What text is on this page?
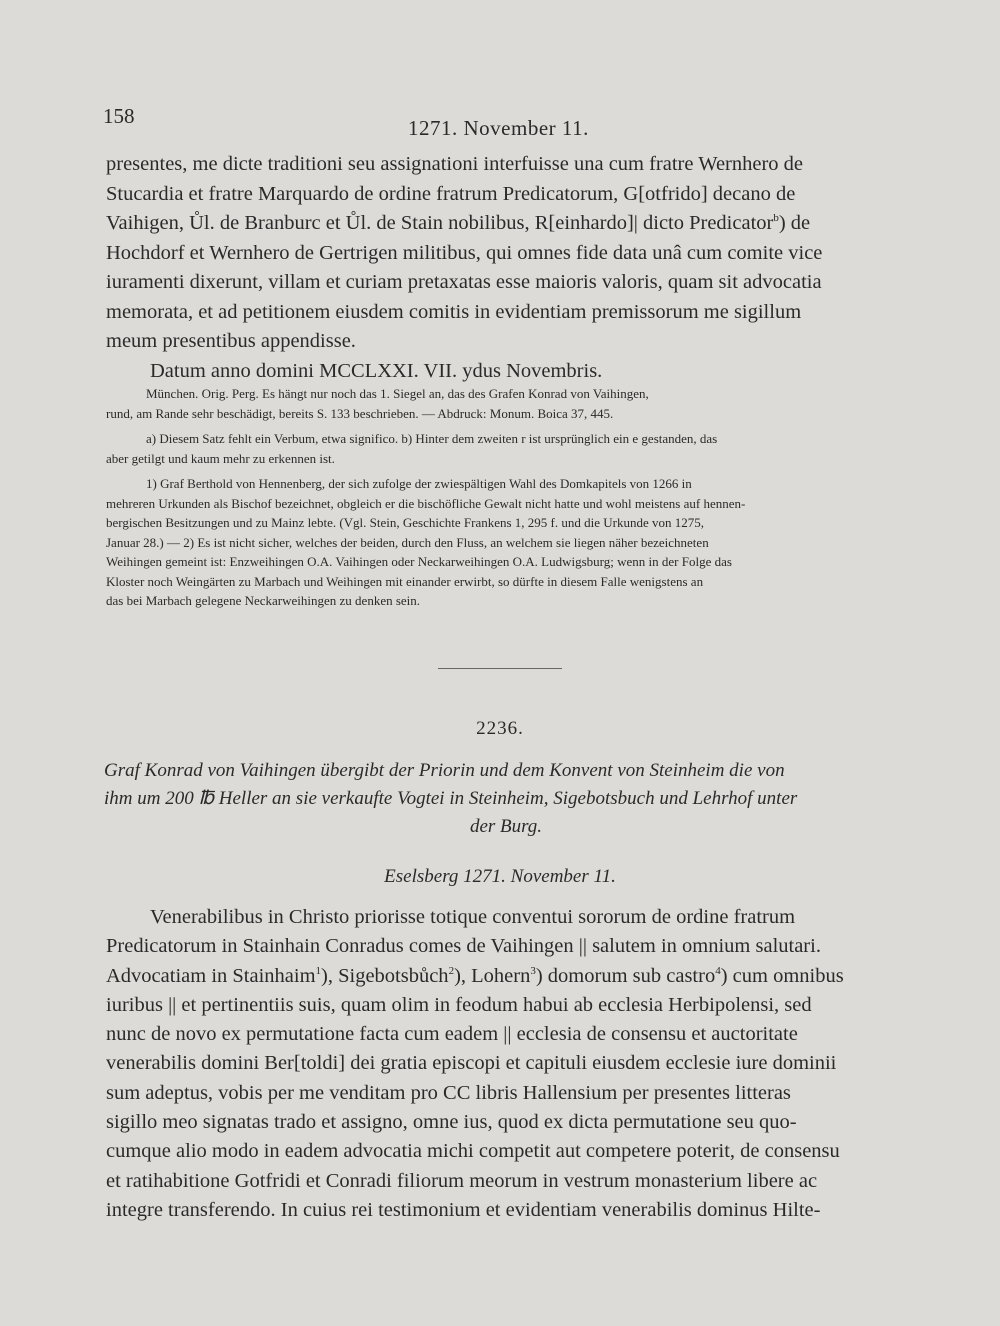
158	1271. November 11.
presentes, me dicte traditioni seu assignationi interfuisse una cum fratre Wernhero de
Stucardia et fratre Marquardo de ordine fratrum Predicatorum, G[otfrido] decano de
Vaihigen, Ůl. de Branburc et Ůl. de Stain nobilibus, R[einhardo]| dicto Predicator$^b$) de
Hochdorf et Wernhero de Gertrigen militibus, qui omnes fide data unâ cum comite vice
iuramenti dixerunt, villam et curiam pretaxatas esse maioris valoris, quam sit advocatia
memorata, et ad petitionem eiusdem comitis in evidentiam premissorum me sigillum
meum presentibus appendisse.
Datum anno domini MCCLXXI. VII. ydus Novembris.
München. Orig. Perg. Es hängt nur noch das 1. Siegel an, das des Grafen Konrad von Vaihingen,
rund, am Rande sehr beschädigt, bereits S. 133 beschrieben. — Abdruck: Monum. Boica 37, 445.
a) Diesem Satz fehlt ein Verbum, etwa significo. b) Hinter dem zweiten r ist ursprünglich ein e gestanden, das
aber getilgt und kaum mehr zu erkennen ist.
1) Graf Berthold von Hennenberg, der sich zufolge der zwiespältigen Wahl des Domkapitels von 1266 in
mehreren Urkunden als Bischof bezeichnet, obgleich er die bischöfliche Gewalt nicht hatte und wohl meistens auf hennen-
bergischen Besitzungen und zu Mainz lebte. (Vgl. Stein, Geschichte Frankens 1, 295 f. und die Urkunde von 1275,
Januar 28.) — 2) Es ist nicht sicher, welches der beiden, durch den Fluss, an welchem sie liegen näher bezeichneten
Weihingen gemeint ist: Enzweihingen O.A. Vaihingen oder Neckarweihingen O.A. Ludwigsburg; wenn in der Folge das
Kloster noch Weingärten zu Marbach und Weihingen mit einander erwirbt, so dürfte in diesem Falle wenigstens an
das bei Marbach gelegene Neckarweihingen zu denken sein.
2236.
Graf Konrad von Vaihingen übergibt der Priorin und dem Konvent von Steinheim die von
ihm um 200 ℔ Heller an sie verkaufte Vogtei in Steinheim, Sigebotsbuch und Lehrhof unter
der Burg.
Eselsberg 1271. November 11.
Venerabilibus in Christo priorisse totique conventui sororum de ordine fratrum
Predicatorum in Stainhain Conradus comes de Vaihingen || salutem in omnium salutari.
Advocatiam in Stainhaim$^1$), Sigebotsbůch$^2$), Lohern$^3$) domorum sub castro$^4$) cum omnibus
iuribus || et pertinentiis suis, quam olim in feodum habui ab ecclesia Herbipolensi, sed
nunc de novo ex permutatione facta cum eadem || ecclesia de consensu et auctoritate
venerabilis domini Ber[toldi] dei gratia episcopi et capituli eiusdem ecclesie iure dominii
sum adeptus, vobis per me venditam pro CC libris Hallensium per presentes litteras
sigillo meo signatas trado et assigno, omne ius, quod ex dicta permutatione seu quo-
cumque alio modo in eadem advocatia michi competit aut competere poterit, de consensu
et ratihabitione Gotfridi et Conradi filiorum meorum in vestrum monasterium libere ac
integre transferendo. In cuius rei testimonium et evidentiam venerabilis dominus Hilte-
